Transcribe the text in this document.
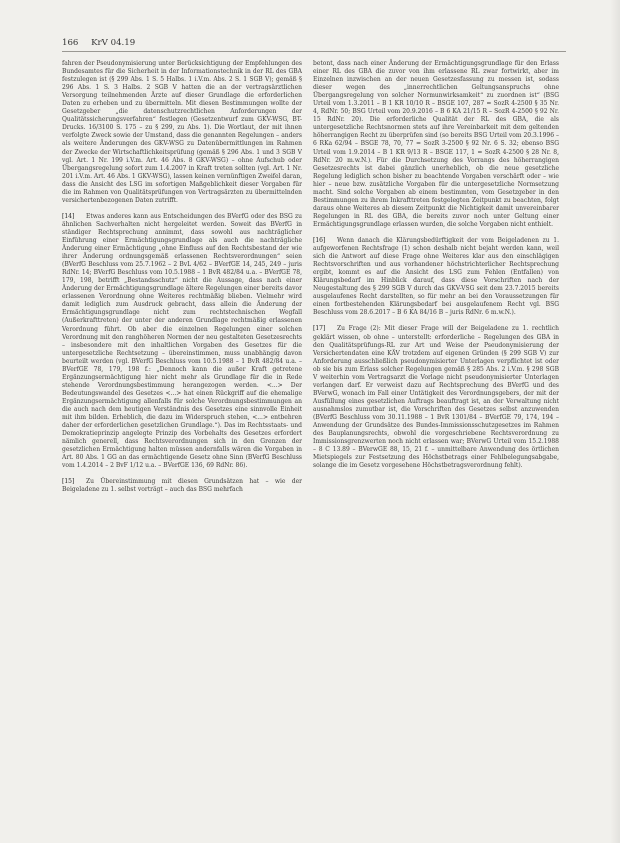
166 KrV 04.19

fahren der Pseudonymisierung unter Berücksichtigung der Empfehlungen des Bundesamtes für die Sicherheit in der Informationstechnik in der RL des GBA festzulegen ist (§ 299 Abs. 1 S. 5 Halbs. 1 i.V.m. Abs. 2 S. 1 SGB V); gemäß § 296 Abs. 1 S. 3 Halbs. 2 SGB V hatten die an der vertragsärztlichen Versorgung teilnehmenden Ärzte auf dieser Grundlage die erforderlichen Daten zu erheben und zu übermitteln. Mit diesen Bestimmungen wollte der Gesetzgeber „die datenschutzrechtlichen Anforderungen der Qualitätssicherungsverfahren“ festlegen (Gesetzentwurf zum GKV-WSG, BT-Drucks. 16/3100 S. 175 – zu § 299, zu Abs. 1). Die Wortlaut, der mit ihnen verfolgte Zweck sowie der Umstand, dass die genannten Regelungen – anders als weitere Änderungen des GKV-WSG zu Datenübermittlungen im Rahmen der Zwecke der Wirtschaftlichkeitsprüfung (gemäß § 296 Abs. 1 und 3 SGB V vgl. Art. 1 Nr. 199 i.V.m. Art. 46 Abs. 8 GKV-WSG) – ohne Aufschub oder Übergangsregelung sofort zum 1.4.2007 in Kraft treten sollten (vgl. Art. 1 Nr. 201 i.V.m. Art. 46 Abs. 1 GKV-WSG), lassen keinen vernünftigen Zweifel daran, dass die Ansicht des LSG im sofortigen Maßgeblichkeit dieser Vorgaben für die im Rahmen von Qualitätsprüfungen von Vertragsärzten zu übermittelnden versichertenbezogenen Daten zutrifft.

[14] Etwas anderes kann aus Entscheidungen des BVerfG oder des BSG zu ähnlichen Sachverhalten nicht hergeleitet werden. Soweit das BVerfG in ständiger Rechtsprechung annimmt, dass sowohl aus nachträglicher Einführung einer Ermächtigungsgrundlage als auch die nachträgliche Änderung einer Ermächtigung „ohne Einfluss auf den Rechtsbestand der wie ihrer Änderung ordnungsgemäß erlassenen Rechtsverordnungen“ seien (BVerfG Beschluss vom 25.7.1962 – 2 BvL 4/62 – BVerfGE 14, 245, 249 – juris RdNr. 14; BVerfG Beschluss vom 10.5.1988 – 1 BvR 482/84 u.a. – BVerfGE 78, 179, 198, betrifft „Bestandsschutz“ nicht die Aussage, dass nach einer Änderung der Ermächtigungsgrundlage ältere Regelungen einer bereits davor erlassenen Verordnung ohne Weiteres rechtmäßig blieben. Vielmehr wird damit lediglich zum Ausdruck gebracht, dass allein die Änderung der Ermächtigungsgrundlage nicht zum rechtstechnischen Wegfall (Außerkrafttreten) der unter der anderen Grundlage rechtmäßig erlassenen Verordnung führt. Ob aber die einzelnen Regelungen einer solchen Verordnung mit den ranghöheren Normen der neu gestalteten Gesetzesrechts – insbesondere mit den inhaltlichen Vorgaben des Gesetzes für die untergesetzliche Rechtsetzung – übereinstimmen, muss unabhängig davon beurteilt werden (vgl. BVerfG Beschluss vom 10.5.1988 – 1 BvR 482/84 u.a. – BVerfGE 78, 179, 198 f.: „Dennoch kann die außer Kraft getretene Ergänzungsermächtigung hier nicht mehr als Grundlage für die in Rede stehende Verordnungsbestimmung herangezogen werden. <...> Der Bedeutungswandel des Gesetzes <...> hat einen Rückgriff auf die ehemalige Ergänzungsermächtigung allenfalls für solche Verordnungsbestimmungen an die auch nach dem heutigen Verständnis des Gesetzes eine sinnvolle Einheit mit ihm bilden. Erheblich, die dazu im Widerspruch stehen, <...> entbehren daher der erforderlichen gesetzlichen Grundlage.“). Das im Rechtsstaats- und Demokratieprinzip angelegte Prinzip des Vorbehalts des Gesetzes erfordert nämlich generell, dass Rechtsverordnungen sich in den Grenzen der gesetzlichen Ermächtigung halten müssen andernfalls wären die Vorgaben in Art. 80 Abs. 1 GG an das ermächtigende Gesetz ohne Sinn (BVerfG Beschluss vom 1.4.2014 – 2 BvF 1/12 u.a. – BVerfGE 136, 69 RdNr. 86).

[15] Zu Übereinstimmung mit diesen Grundsätzen hat – wie der Beigeladene zu 1. selbst vorträgt – auch das BSG mehrfach

betont, dass nach einer Änderung der Ermächtigungsgrundlage für den Erlass einer RL des GBA die zuvor von ihm erlassene RL zwar fortwirkt, aber im Einzelnen inzwischen an der neuen Gesetzesfassung zu messen ist, sodass dieser wegen des „innerrechtlichen Geltungsanspruchs ohne Übergangsregelung von solcher Normunwirksamkeit“ zu zuordnen ist“ (BSG Urteil vom 1.3.2011 – B 1 KR 10/10 R – BSGE 107, 287 = SozR 4-2500 § 35 Nr. 4, RdNr. 50; BSG Urteil vom 20.9.2016 – B 6 KA 21/15 R – SozR 4-2500 § 92 Nr. 15 RdNr. 20). Die erforderliche Qualität der RL des GBA, die als untergesetzliche Rechtsnormen stets auf ihre Vereinbarkeit mit dem geltenden höherrangigen Recht zu überprüfen sind (so bereits BSG Urteil vom 20.3.1996 – 6 RKa 62/94 – BSGE 78, 70, 77 = SozR 3-2500 § 92 Nr. 6 S. 32; ebenso BSG Urteil vom 1.9.2014 – B 1 KR 9/13 R – BSGE 117, 1 = SozR 4-2500 § 28 Nr. 8, RdNr. 20 m.w.N.). Für die Durchsetzung des Vorrangs des höherrangigen Gesetzesrechts ist dabei gänzlich unerheblich, ob die neue gesetzliche Regelung lediglich schon bisher zu beachtende Vorgaben verschärft oder – wie hier – neue bzw. zusätzliche Vorgaben für die untergesetzliche Normsetzung macht. Sind solche Vorgaben ab einem bestimmten, vom Gesetzgeber in den Bestimmungen zu ihrem Inkrafttreten festgelegten Zeitpunkt zu beachten, folgt daraus ohne Weiteres ab diesem Zeitpunkt die Nichtigkeit damit unvereinbarer Regelungen in RL des GBA, die bereits zuvor noch unter Geltung einer Ermächtigungsgrundlage erlassen wurden, die solche Vorgaben nicht enthielt.

[16] Wenn danach die Klärungsbedürftigkeit der vom Beigeladenen zu 1. aufgeworfenen Rechtsfrage (1) schon deshalb nicht bejaht werden kann, weil sich die Antwort auf diese Frage ohne Weiteres klar aus den einschlägigen Rechtsvorschriften und aus vorhandener höchstrichterlicher Rechtsprechung ergibt, kommt es auf die Ansicht des LSG zum Fehlen (Entfallen) von Klärungsbedarf im Hinblick darauf, dass diese Vorschriften nach der Neugestaltung des § 299 SGB V durch das GKV-VSG seit dem 23.7.2015 bereits ausgelaufenes Recht darstellten, so für mehr an bei den Voraussetzungen für einen fortbestehenden Klärungsbedarf bei ausgelaufenem Recht vgl. BSG Beschluss vom 28.6.2017 – B 6 KA 84/16 B – juris RdNr. 6 m.w.N.).

[17] Zu Frage (2): Mit dieser Frage will der Beigeladene zu 1. rechtlich geklärt wissen, ob ohne – unterstellt: erforderliche – Regelungen des GBA in den Qualitätsprüfungs-RL zur Art und Weise der Pseudonymisierung der Versichertendaten eine KÄV trotzdem auf eigenen Gründen (§ 299 SGB V) zur Anforderung ausschließlich pseudonymisierter Unterlagen verpflichtet ist oder ob sie bis zum Erlass solcher Regelungen gemäß § 285 Abs. 2 i.V.m. § 298 SGB V weiterhin vom Vertragsarzt die Vorlage nicht pseudonymisierter Unterlagen verlangen darf. Er verweist dazu auf Rechtsprechung des BVerfG und des BVerwG, wonach im Fall einer Untätigkeit des Verordnungsgebers, der mit der Ausfüllung eines gesetzlichen Auftrags beauftragt ist, an der Verwaltung nicht ausnahmslos zumutbar ist, die Vorschriften des Gesetzes selbst anzuwenden (BVerfG Beschluss vom 30.11.1988 – 1 BvR 1301/84 – BVerfGE 79, 174, 194 – Anwendung der Grundsätze des Bundes-Immissionsschutzgesetzes im Rahmen des Bauplanungsrechts, obwohl die vorgeschriebene Rechtsverordnung zu Immissionsgrenzwerten noch nicht erlassen war; BVerwG Urteil vom 15.2.1988 – 8 C 13.89 – BVerwGE 88, 15, 21 f. – unmittelbare Anwendung des örtlichen Mietspiegels zur Festsetzung des Höchstbetrags einer Fehlbelegungsabgabe, solange die im Gesetz vorgesehene Höchstbetragsverordnung fehlt).
